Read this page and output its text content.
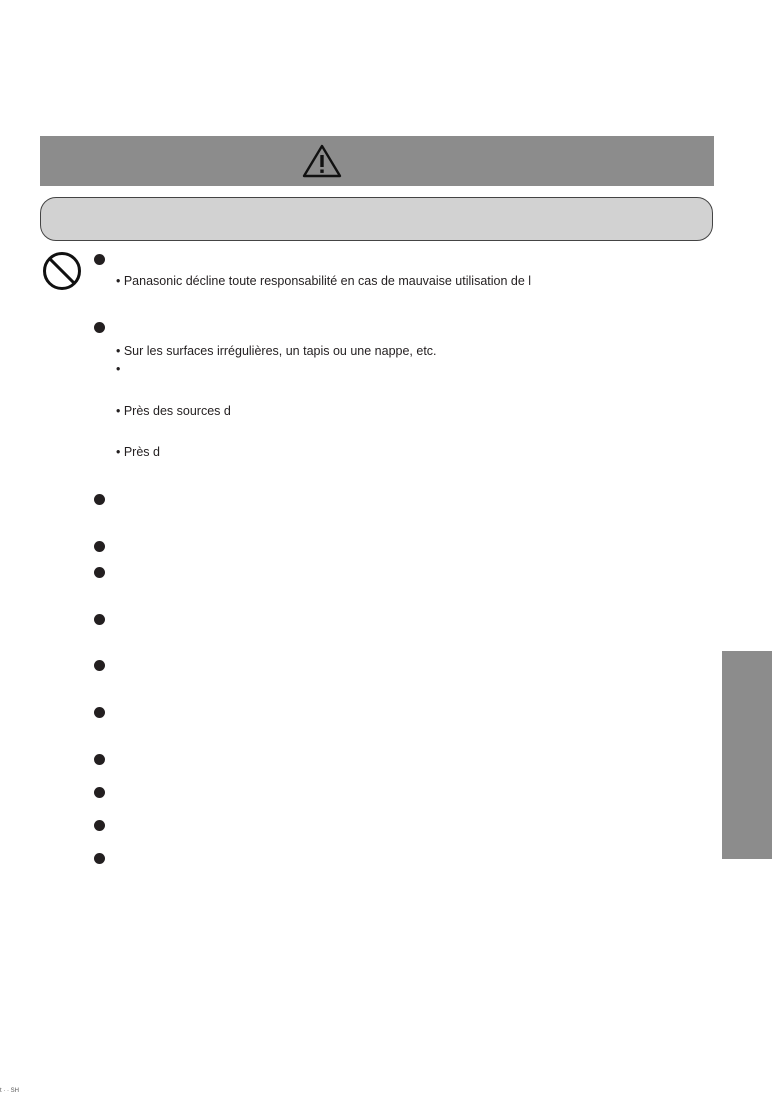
• Panasonic décline toute responsabilité en cas de mauvaise utilisation de l
• Sur les surfaces irrégulières, un tapis ou une nappe, etc.
•
• Près des sources d
• Près d
t · · SH
